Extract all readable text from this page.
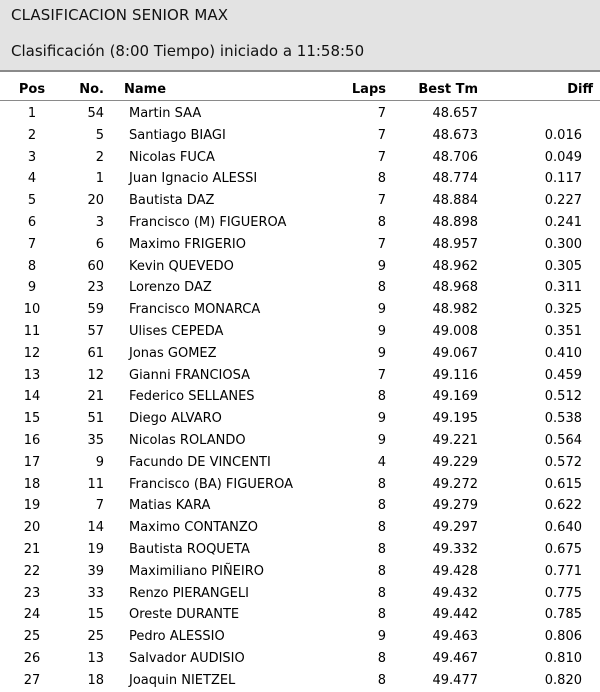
CLASIFICACION SENIOR MAX
Clasificación (8:00 Tiempo) iniciado a 11:58:50
Pos	No. Name	Laps	Best Tm	Diff
1	54 Martin SAA	7	48.657
2	5 Santiago BIAGI	7	48.673	0.016
3	2 Nicolas FUCA	7	48.706	0.049
4	1 Juan Ignacio ALESSI	8	48.774	0.117
5	20 Bautista DAZ	7	48.884	0.227
6	3 Francisco (M) FIGUEROA	8	48.898	0.241
7	6 Maximo FRIGERIO	7	48.957	0.300
8	60 Kevin QUEVEDO	9	48.962	0.305
9	23 Lorenzo DAZ	8	48.968	0.311
10	59 Francisco MONARCA	9	48.982	0.325
11	57 Ulises CEPEDA	9	49.008	0.351
12	61 Jonas GOMEZ	9	49.067	0.410
13	12 Gianni FRANCIOSA	7	49.116	0.459
14	21 Federico SELLANES	8	49.169	0.512
15	51 Diego ALVARO	9	49.195	0.538
16	35 Nicolas ROLANDO	9	49.221	0.564
17	9 Facundo DE VINCENTI	4	49.229	0.572
18	11 Francisco (BA) FIGUEROA	8	49.272	0.615
19	7 Matias KARA	8	49.279	0.622
20	14 Maximo CONTANZO	8	49.297	0.640
21	19 Bautista ROQUETA	8	49.332	0.675
22	39 Maximiliano PIÑEIRO	8	49.428	0.771
23	33 Renzo PIERANGELI	8	49.432	0.775
24	15 Oreste DURANTE	8	49.442	0.785
25	25 Pedro ALESSIO	9	49.463	0.806
26	13 Salvador AUDISIO	8	49.467	0.810
27	18 Joaquin NIETZEL	8	49.477	0.820
